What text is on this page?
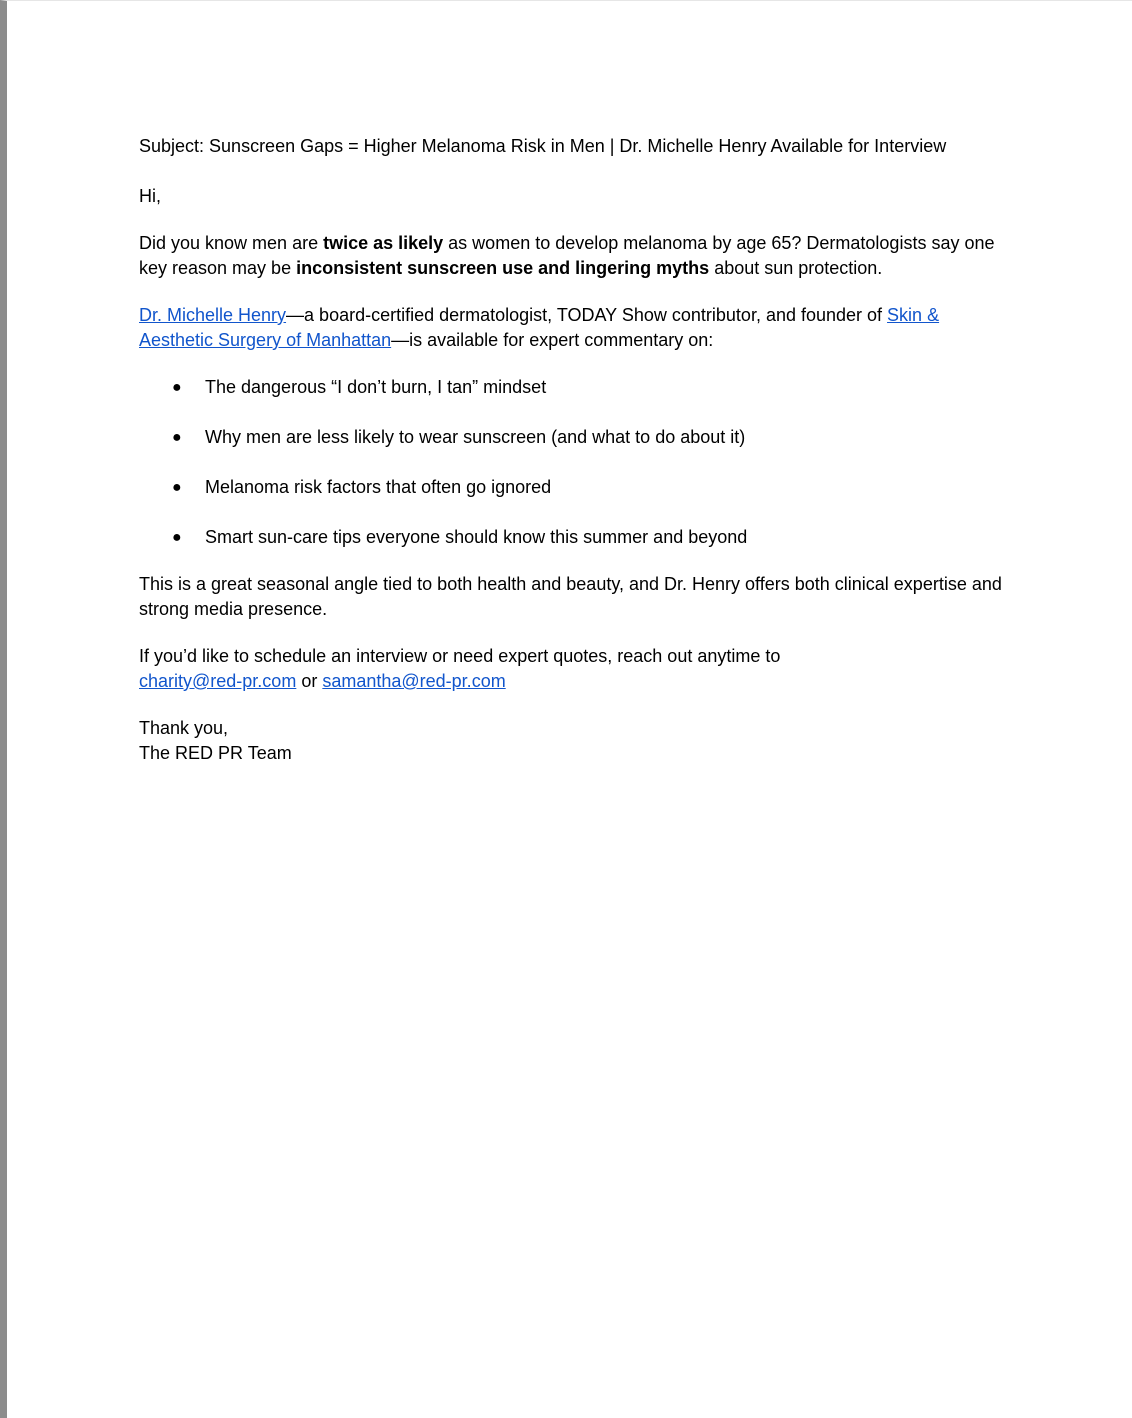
Subject: Sunscreen Gaps = Higher Melanoma Risk in Men | Dr. Michelle Henry Available for Interview

Hi,

Did you know men are twice as likely as women to develop melanoma by age 65? Dermatologists say one key reason may be inconsistent sunscreen use and lingering myths about sun protection.

Dr. Michelle Henry—a board-certified dermatologist, TODAY Show contributor, and founder of Skin & Aesthetic Surgery of Manhattan—is available for expert commentary on:

● The dangerous “I don’t burn, I tan” mindset
● Why men are less likely to wear sunscreen (and what to do about it)
● Melanoma risk factors that often go ignored
● Smart sun-care tips everyone should know this summer and beyond

This is a great seasonal angle tied to both health and beauty, and Dr. Henry offers both clinical expertise and strong media presence.

If you’d like to schedule an interview or need expert quotes, reach out anytime to
charity@red-pr.com or samantha@red-pr.com

Thank you,

The RED PR Team
